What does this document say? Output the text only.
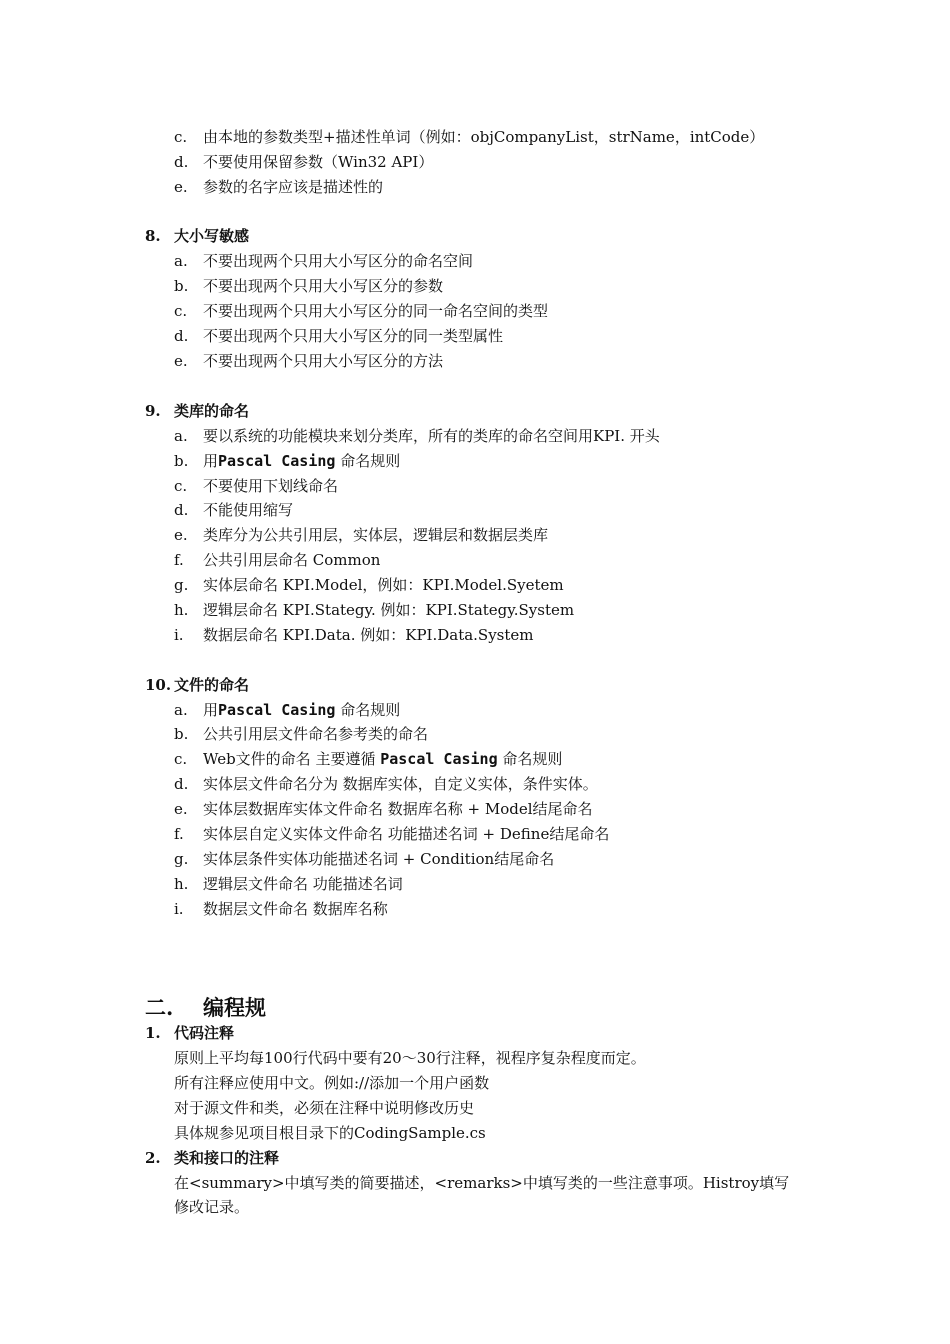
c. 由本地的参数类型+描述性单词（例如：objCompanyList，strName，intCode）
d. 不要使用保留参数（Win32 API）
e. 参数的名字应该是描述性的
8. 大小写敏感
a. 不要出现两个只用大小写区分的命名空间
b. 不要出现两个只用大小写区分的参数
c. 不要出现两个只用大小写区分的同一命名空间的类型
d. 不要出现两个只用大小写区分的同一类型属性
e. 不要出现两个只用大小写区分的方法
9. 类库的命名
a. 要以系统的功能模块来划分类库，所有的类库的命名空间用KPI. 开头
b. 用Pascal Casing 命名规则
c. 不要使用下划线命名
d. 不能使用缩写
e. 类库分为公共引用层，实体层，逻辑层和数据层类库
f. 公共引用层命名 Common
g. 实体层命名 KPI.Model，例如：KPI.Model.Syetem
h. 逻辑层命名 KPI.Stategy. 例如：KPI.Stategy.System
i. 数据层命名 KPI.Data. 例如：KPI.Data.System
10. 文件的命名
a. 用Pascal Casing 命名规则
b. 公共引用层文件命名参考类的命名
c. Web文件的命名 主要遵循 Pascal Casing 命名规则
d. 实体层文件命名分为 数据库实体，自定义实体，条件实体。
e. 实体层数据库实体文件命名 数据库名称 + Model结尾命名
f. 实体层自定义实体文件命名 功能描述名词 + Define结尾命名
g. 实体层条件实体功能描述名词 + Condition结尾命名
h. 逻辑层文件命名 功能描述名词
i. 数据层文件命名 数据库名称
二. 编程规
1. 代码注释
原则上平均每100行代码中要有20～30行注释，视程序复杂程度而定。
所有注释应使用中文。例如://添加一个用户函数
对于源文件和类，必须在注释中说明修改历史
具体规参见项目根目录下的CodingSample.cs
2. 类和接口的注释
在<summary>中填写类的简要描述，<remarks>中填写类的一些注意事项。Histroy填写
修改记录。
